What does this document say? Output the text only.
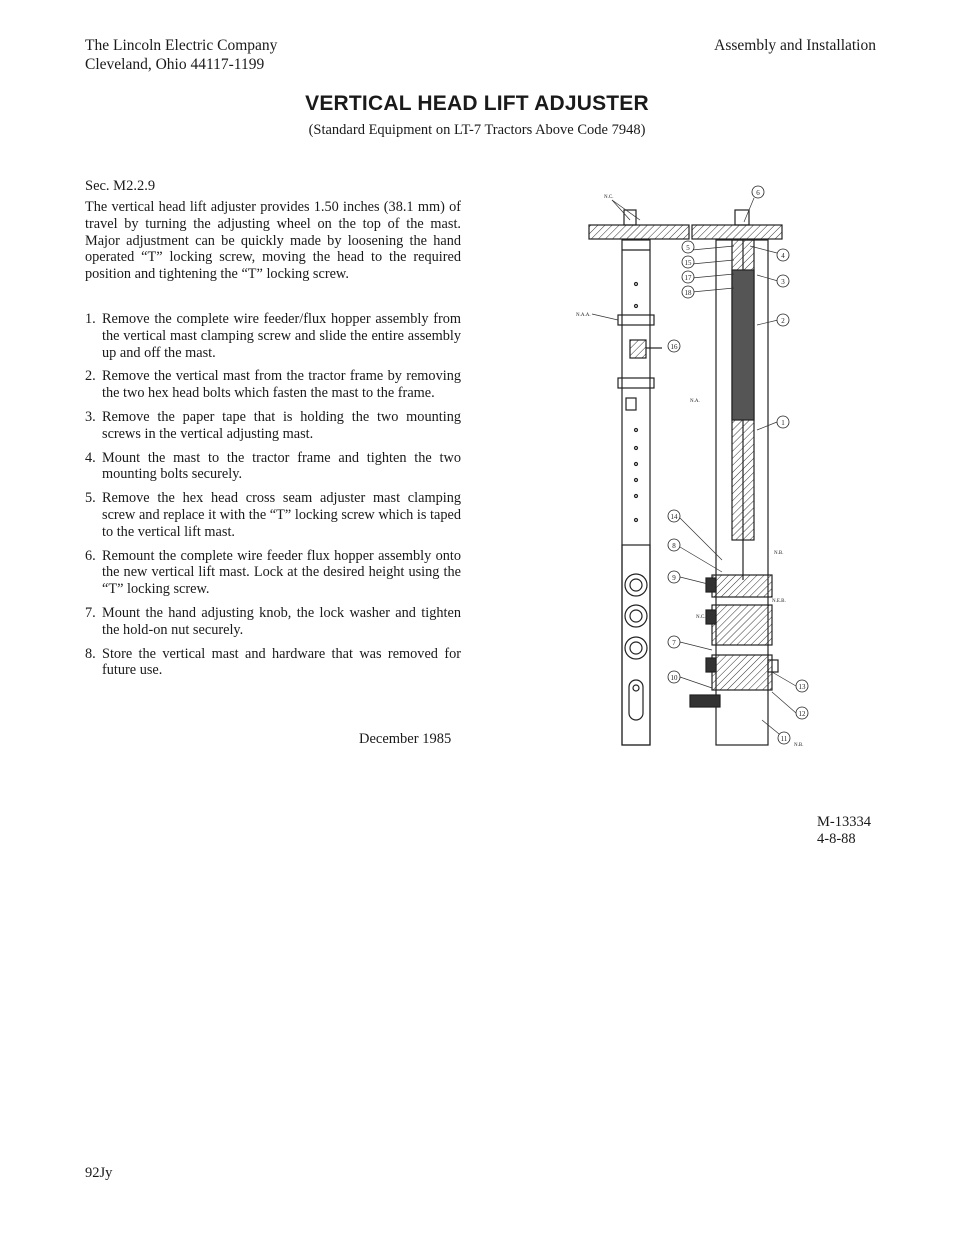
The Lincoln Electric Company
Cleveland, Ohio 44117-1199
Assembly and Installation
VERTICAL HEAD LIFT ADJUSTER
(Standard Equipment on LT-7 Tractors Above Code 7948)
Sec. M2.2.9
The vertical head lift adjuster provides 1.50 inches (38.1 mm) of travel by turning the adjusting wheel on the top of the mast. Major adjustment can be quickly made by loosening the hand operated “T” locking screw, moving the head to the required position and tightening the “T” locking screw.
1. Remove the complete wire feeder/flux hopper assembly from the vertical mast clamping screw and slide the entire assembly up and off the mast.
2. Remove the vertical mast from the tractor frame by removing the two hex head bolts which fasten the mast to the frame.
3. Remove the paper tape that is holding the two mounting screws in the vertical adjusting mast.
4. Mount the mast to the tractor frame and tighten the two mounting bolts securely.
5. Remove the hex head cross seam adjuster mast clamping screw and replace it with the “T” locking screw which is taped to the vertical lift mast.
6. Remount the complete wire feeder flux hopper assembly onto the new vertical lift mast. Lock at the desired height using the “T” locking screw.
7. Mount the hand adjusting knob, the lock washer and tighten the hold-on nut securely.
8. Store the vertical mast and hardware that was removed for future use.
December 1985
6
4
5
15
17
18
3
2
16
1
14
8
9
7
10
13
12
11
N.C.
N.A.A.
N.A.
N.B.
N.E.B.
N.C.
N.B.
M-13334
4-8-88
92Jy
